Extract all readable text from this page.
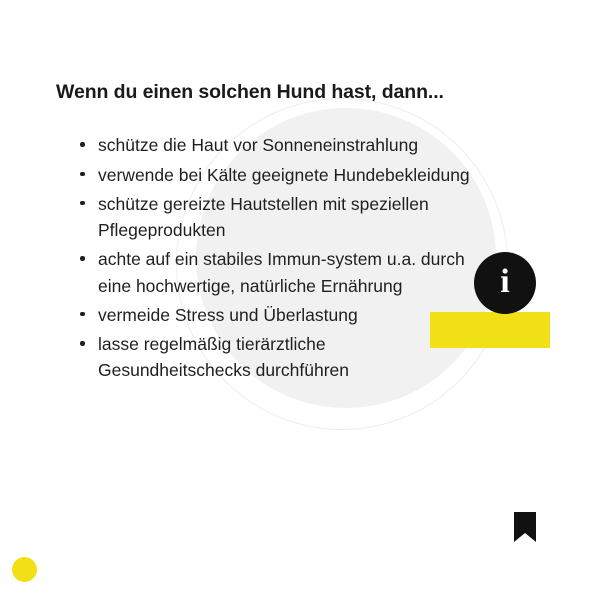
i
Wenn du einen solchen Hund hast, dann...
schütze die Haut vor Sonneneinstrahlung
verwende bei Kälte geeignete Hundebekleidung
schütze gereizte Hautstellen mit speziellen Pflegeprodukten
achte auf ein stabiles Immun-system u.a. durch eine hochwertige, natürliche Ernährung
vermeide Stress und Überlastung
lasse regelmäßig tierärztliche Gesundheitschecks durchführen
